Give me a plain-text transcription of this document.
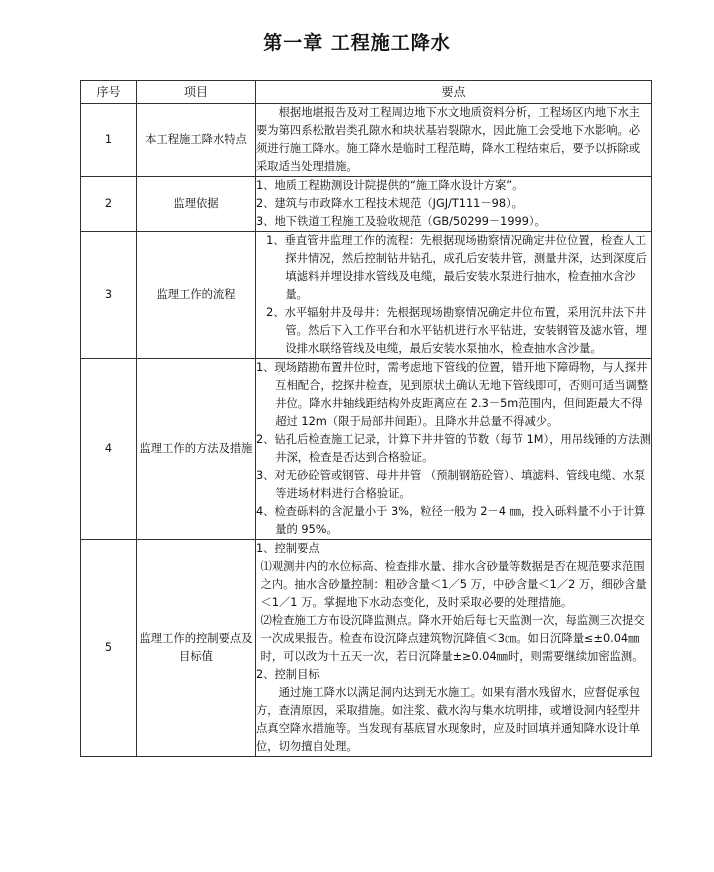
第一章 工程施工降水
序号	项目	要点
1	本工程施工降水特点	根据地堪报告及对工程周边地下水文地质资料分析，工程场区内地下水主要为第四系松散岩类孔隙水和块状基岩裂隙水，因此施工会受地下水影响。必须进行施工降水。施工降水是临时工程范畴，降水工程结束后，要予以拆除或采取适当处理措施。

2	监理依据	1、地质工程勘测设计院提供的“施工降水设计方案”。

2、建筑与市政降水工程技术规范（JGJ/T111－98）。

3、地下铁道工程施工及验收规范（GB/50299－1999）。

3	监理工作的流程	1、垂直管井监理工作的流程：先根据现场勘察情况确定井位位置，检查人工探井情况，然后控制钻井钻孔，成孔后安装井管，测量井深，达到深度后填滤料并埋设排水管线及电缆，最后安装水泵进行抽水，检查抽水含沙量。

2、水平辐射井及母井：先根据现场勘察情况确定井位布置，采用沉井法下井管。然后下入工作平台和水平钻机进行水平钻进，安装钢管及滤水管，埋设排水联络管线及电缆，最后安装水泵抽水，检查抽水含沙量。

4	监理工作的方法及措施	1、现场踏勘布置井位时，需考虑地下管线的位置，错开地下障碍物，与人探井互相配合，挖探井检查，见到原状土确认无地下管线即可，否则可适当调整井位。降水井轴线距结构外皮距离应在 2.3－5m范围内，但间距最大不得超过 12m（限于局部井间距）。且降水井总量不得减少。

2、钻孔后检查施工记录，计算下井井管的节数（每节 1M），用吊线锤的方法测井深，检查是否达到合格验证。

3、对无砂砼管或钢管、母井井管 （预制钢筋砼管）、填滤料、管线电缆、水泵等进场材料进行合格验证。

4、检查砾料的含泥量小于 3%，粒径一般为 2－4 ㎜，投入砾料量不小于计算量的 95%。

5	监理工作的控制要点及目标值	1、控制要点

⑴观测井内的水位标高、检查排水量、排水含砂量等数据是否在规范要求范围之内。抽水含砂量控制：粗砂含量＜1／5 万，中砂含量＜1／2 万，细砂含量＜1／1 万。掌握地下水动态变化，及时采取必要的处理措施。

⑵检查施工方布设沉降监测点。降水开始后每七天监测一次，每监测三次提交一次成果报告。检查布设沉降点建筑物沉降值＜3㎝。如日沉降量≤±0.04㎜时，可以改为十五天一次，若日沉降量±≥0.04㎜时，则需要继续加密监测。

2、控制目标

通过施工降水以满足洞内达到无水施工。如果有潜水残留水，应督促承包方，查清原因，采取措施。如注浆、截水沟与集水坑明排，或增设洞内轻型井点真空降水措施等。当发现有基底冒水现象时，应及时回填并通知降水设计单位，切勿擅自处理。
